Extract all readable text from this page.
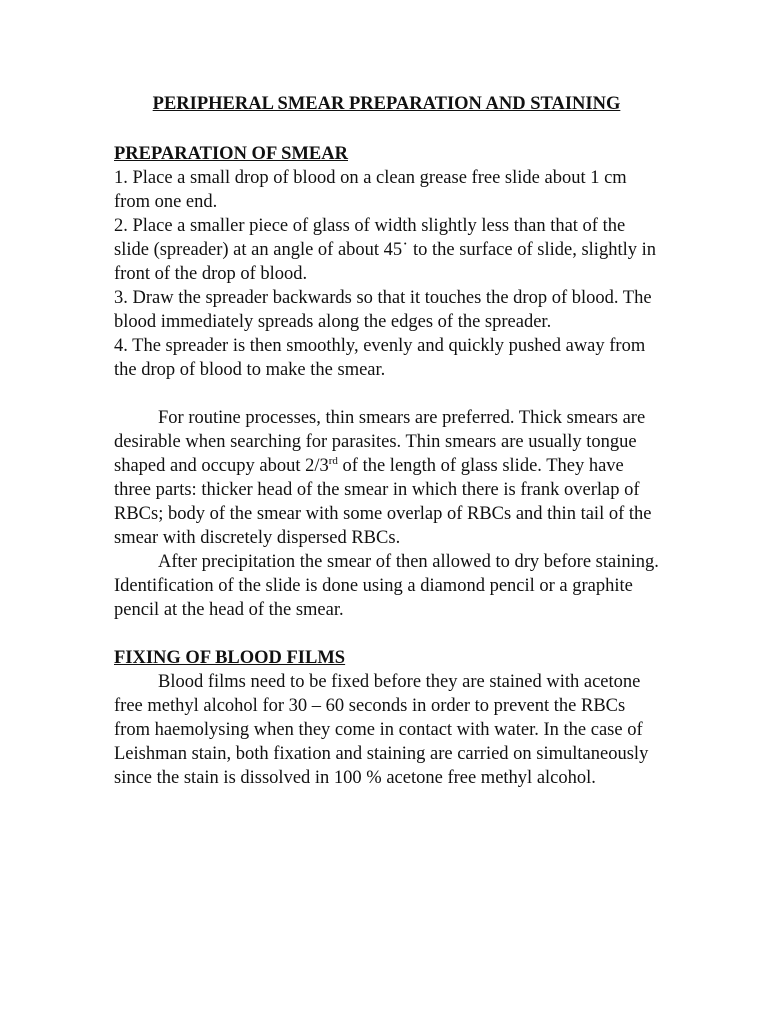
PERIPHERAL SMEAR PREPARATION AND STAINING
PREPARATION OF SMEAR
1. Place a small drop of blood on a clean grease free slide about 1 cm from one end.
2. Place a smaller piece of glass of width slightly less than that of the slide (spreader) at an angle of about 45˙ to the surface of slide, slightly in front of the drop of blood.
3. Draw the spreader backwards so that it touches the drop of blood. The blood immediately spreads along the edges of the spreader.
4. The spreader is then smoothly, evenly and quickly pushed away from the drop of blood to make the smear.

For routine processes, thin smears are preferred. Thick smears are desirable when searching for parasites. Thin smears are usually tongue shaped and occupy about 2/3rd of the length of glass slide. They have three parts: thicker head of the smear in which there is frank overlap of RBCs; body of the smear with some overlap of RBCs and thin tail of the smear with discretely dispersed RBCs.

After precipitation the smear of then allowed to dry before staining. Identification of the slide is done using a diamond pencil or a graphite pencil at the head of the smear.

FIXING OF BLOOD FILMS

Blood films need to be fixed before they are stained with acetone free methyl alcohol for 30 – 60 seconds in order to prevent the RBCs from haemolysing when they come in contact with water. In the case of Leishman stain, both fixation and staining are carried on simultaneously since the stain is dissolved in 100 % acetone free methyl alcohol.
